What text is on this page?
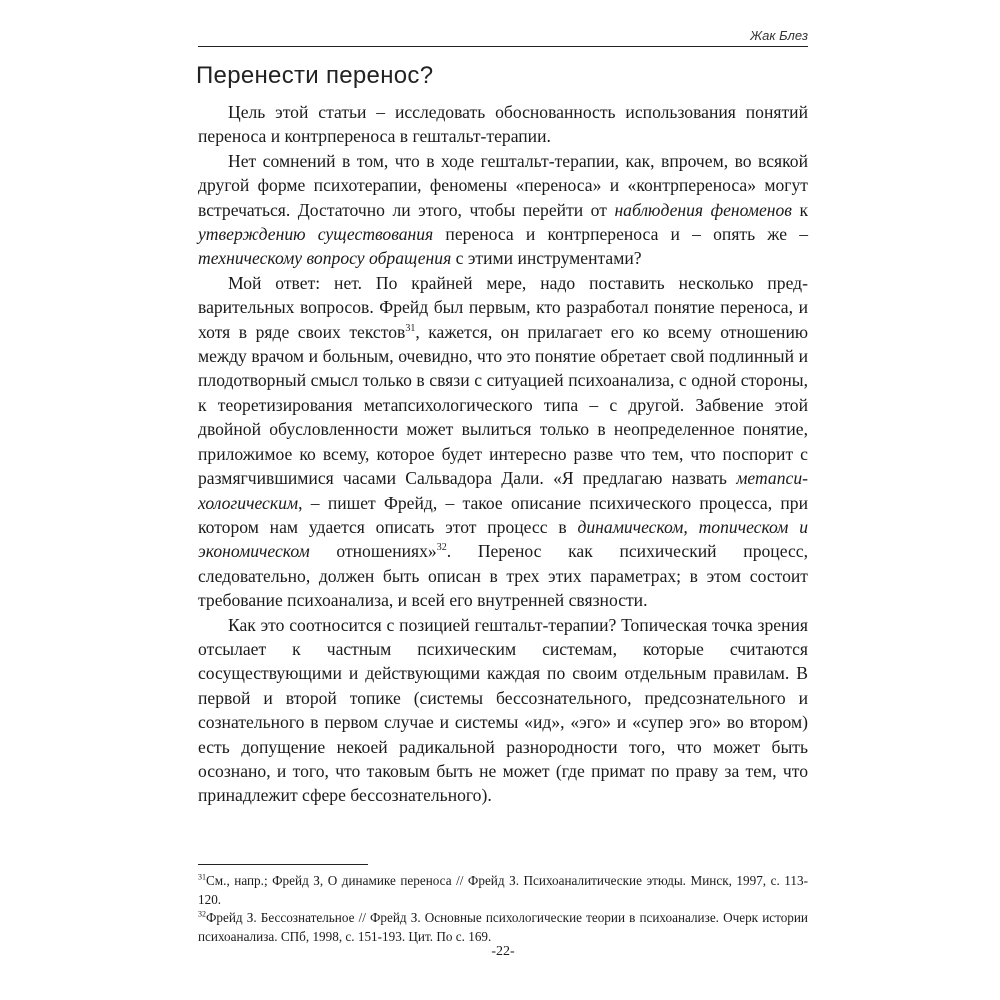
Жак Блез
Перенести перенос?

Цель этой статьи – исследовать обоснованность использования понятий переноса и контрпереноса в гештальт-терапии.

Нет сомнений в том, что в ходе гештальт-терапии, как, впрочем, во всякой другой форме психотерапии, феномены «переноса» и «контрпереноса» могут встречаться. Достаточно ли этого, чтобы перейти от наблюдения феноменов к утверждению существования переноса и контрпереноса и – опять же – техническому вопросу обращения с этими инструментами?

Мой ответ: нет. По крайней мере, надо поставить несколько предварительных вопросов. Фрейд был первым, кто разработал понятие переноса, и хотя в ряде своих текстов$^{31}$, кажется, он прилагает его ко всему отношению между врачом и больным, очевидно, что это понятие обретает свой подлинный и плодотворный смысл только в связи с ситуацией психоанализа, с одной стороны, к теоретизирования метапсихологического типа – с другой. Забвение этой двойной обусловленности может вылиться только в неопределенное понятие, приложимое ко всему, которое будет интересно разве что тем, что поспорит с размягчившимися часами Сальвадора Дали. «Я предлагаю назвать метапсихологическим, – пишет Фрейд, – такое описание психического процесса, при котором нам удается описать этот процесс в динамическом, топическом и экономическом отношениях»$^{32}$. Перенос как психический процесс, следовательно, должен быть описан в трех этих параметрах; в этом состоит требование психоанализа, и всей его внутренней связности.

Как это соотносится с позицией гештальт-терапии? Топическая точка зрения отсылает к частным психическим системам, которые считаются сосуществующими и действующими каждая по своим отдельным правилам. В первой и второй топике (системы бессознательного, предсознательного и сознательного в первом случае и системы «ид», «эго» и «супер эго» во втором) есть допущение некоей радикальной разнородности того, что может быть осознано, и того, что таковым быть не может (где примат по праву за тем, что принадлежит сфере бессознательного).

$^{31}$См., напр.; Фрейд З, О динамике переноса // Фрейд З. Психоаналитические этюды. Минск, 1997, с. 113-120.

$^{32}$Фрейд З. Бессознательное // Фрейд З. Основные психологические теории в психоанализе. Очерк истории психоанализа. СПб, 1998, с. 151-193. Цит. По с. 169.

-22-
